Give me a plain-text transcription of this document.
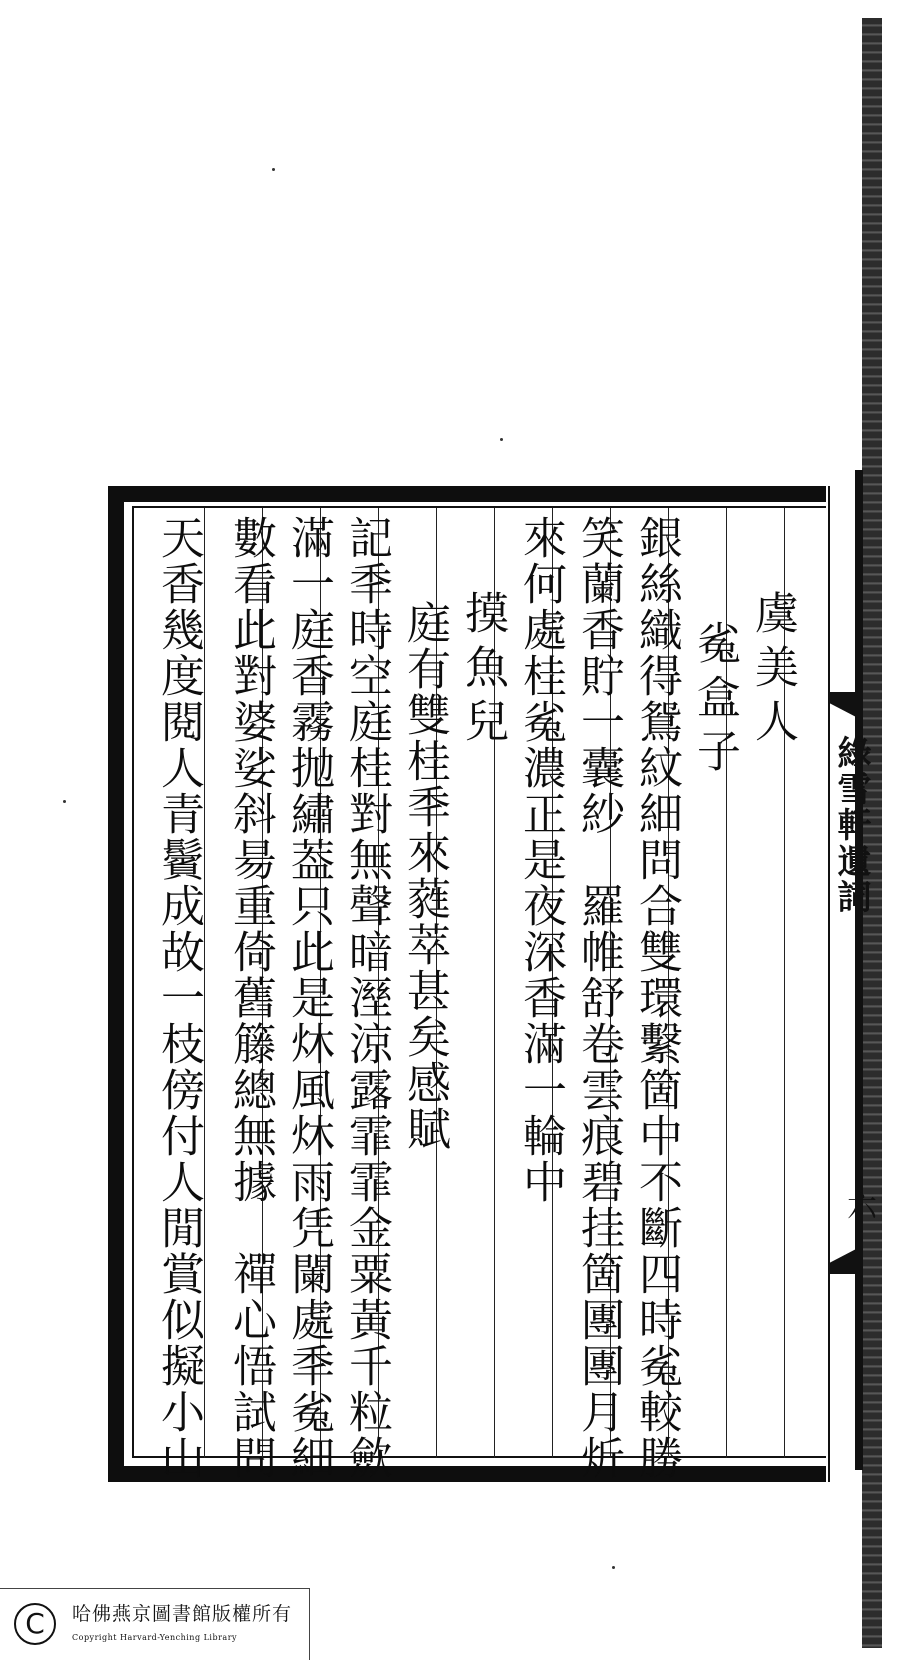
綠雪軒遺詞
六
虞美人
㝹盒子
銀絲織得鴛紋細問合雙環繫箇中不斷四時㝹較勝
笑蘭香貯一囊紗　羅帷舒卷雲痕碧挂箇團團月炘
來何處桂㝹濃正是夜深香滿一輪中
摸魚兒
庭有雙桂秊來蕤萃甚矣感賦
記秊時空庭桂對無聲暗溼涼露霏霏金粟黃千粒歛
滿一庭香霧抛繡葢只此是炑風炑雨凭闌處秊㝹細
數看此對婆娑斜昜重倚舊籐總無據　禪心悟試問
天香幾度閱人青鬢成故一枝傍付人閒賞似擬小山
C	哈佛燕京圖書館版權所有
Copyright Harvard-Yenching Library
